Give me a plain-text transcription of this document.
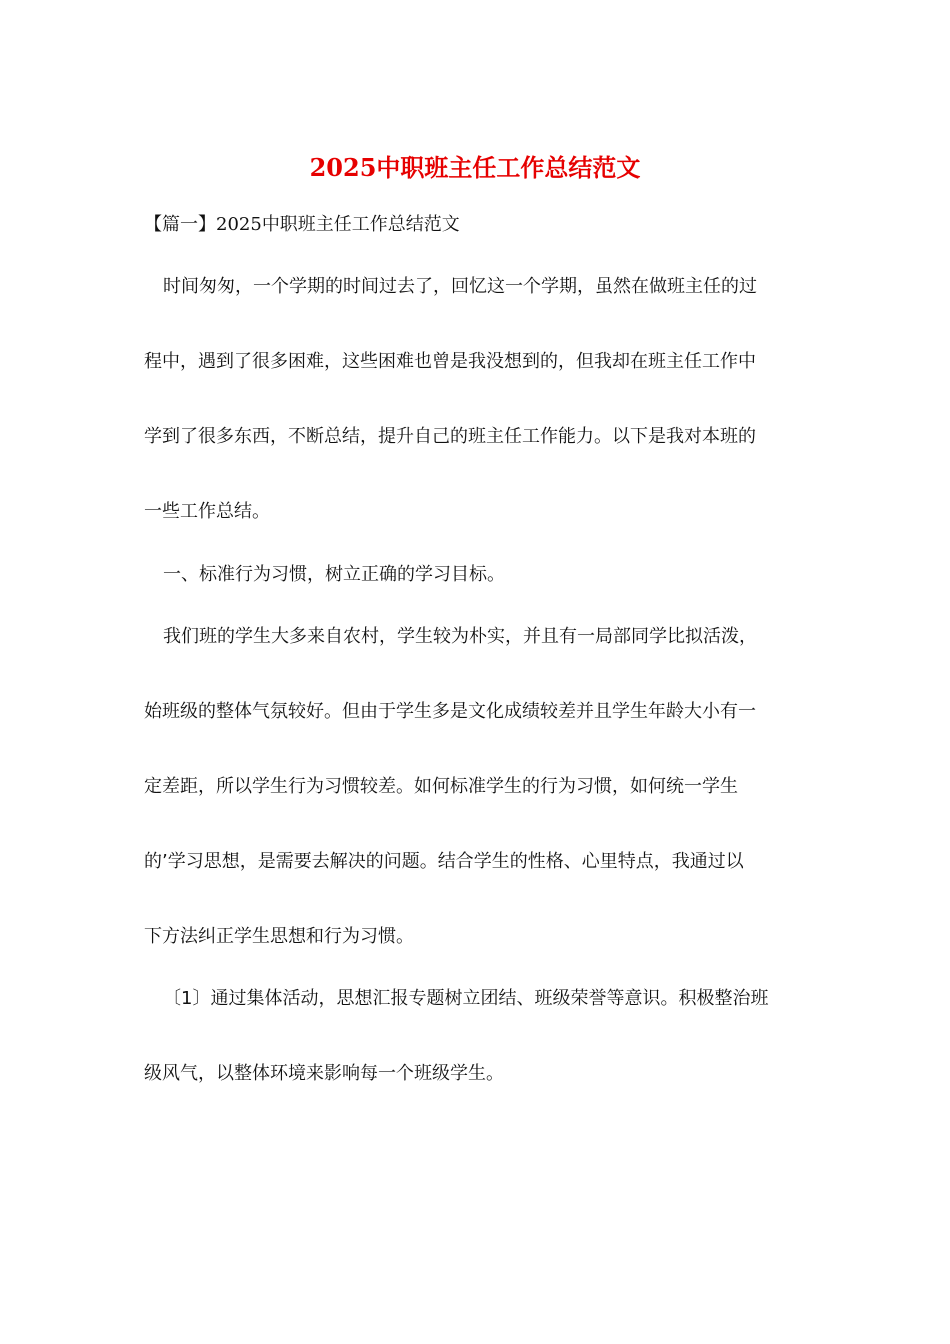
2025中职班主任工作总结范文
【篇一】2025中职班主任工作总结范文

时间匆匆，一个学期的时间过去了，回忆这一个学期，虽然在做班主任的过

程中，遇到了很多困难，这些困难也曾是我没想到的，但我却在班主任工作中

学到了很多东西，不断总结，提升自己的班主任工作能力。以下是我对本班的

一些工作总结。

一、标准行为习惯，树立正确的学习目标。

我们班的学生大多来自农村，学生较为朴实，并且有一局部同学比拟活泼，

始班级的整体气氛较好。但由于学生多是文化成绩较差并且学生年龄大小有一

定差距，所以学生行为习惯较差。如何标准学生的行为习惯，如何统一学生

的’学习思想，是需要去解决的问题。结合学生的性格、心里特点，我通过以

下方法纠正学生思想和行为习惯。

〔1〕通过集体活动，思想汇报专题树立团结、班级荣誉等意识。积极整治班

级风气，以整体环境来影响每一个班级学生。
